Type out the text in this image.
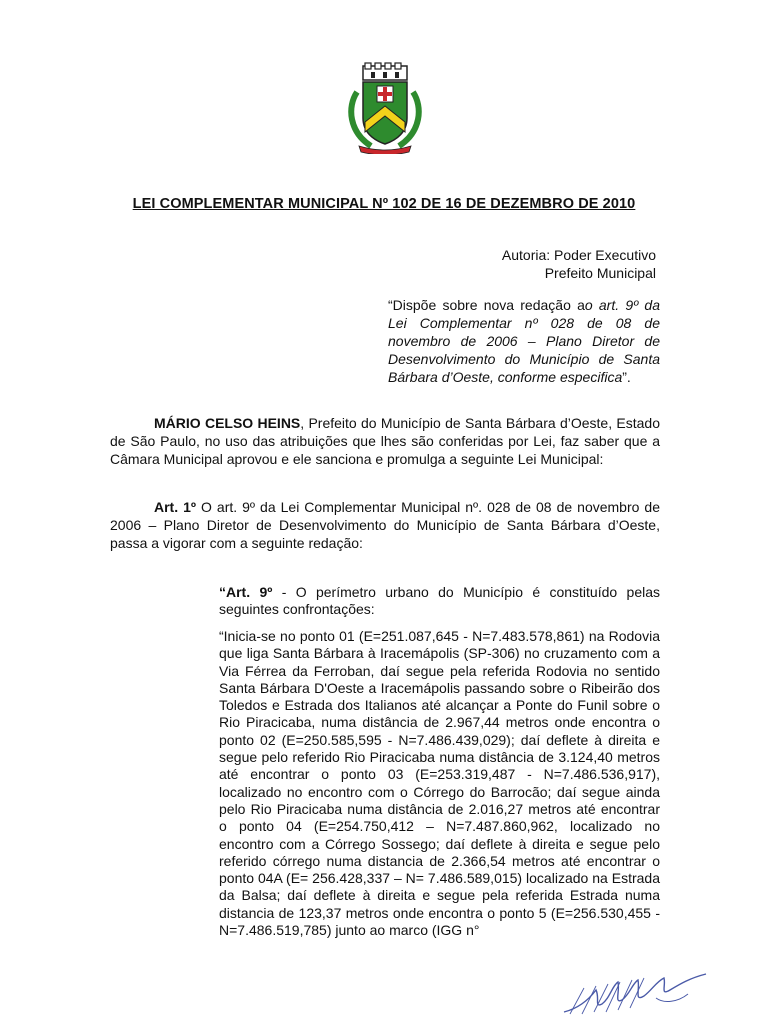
LEI COMPLEMENTAR MUNICIPAL Nº 102 DE 16 DE DEZEMBRO DE 2010
Autoria: Poder Executivo
Prefeito Municipal
“Dispõe sobre nova redação ao art. 9º da Lei Complementar nº 028 de 08 de novembro de 2006 – Plano Diretor de Desenvolvimento do Município de Santa Bárbara d’Oeste, conforme especifica”.
MÁRIO CELSO HEINS, Prefeito do Município de Santa Bárbara d’Oeste, Estado de São Paulo, no uso das atribuições que lhes são conferidas por Lei, faz saber que a Câmara Municipal aprovou e ele sanciona e promulga a seguinte Lei Municipal:
Art. 1º O art. 9º da Lei Complementar Municipal nº. 028 de 08 de novembro de 2006 – Plano Diretor de Desenvolvimento do Município de Santa Bárbara d’Oeste, passa a vigorar com a seguinte redação:
“Art. 9º - O perímetro urbano do Município é constituído pelas seguintes confrontações:
“Inicia-se no ponto 01 (E=251.087,645 - N=7.483.578,861) na Rodovia que liga Santa Bárbara à Iracemápolis (SP-306) no cruzamento com a Via Férrea da Ferroban, daí segue pela referida Rodovia no sentido Santa Bárbara D'Oeste a Iracemápolis passando sobre o Ribeirão dos Toledos e Estrada dos Italianos até alcançar a Ponte do Funil sobre o Rio Piracicaba, numa distância de 2.967,44 metros onde encontra o ponto 02 (E=250.585,595 - N=7.486.439,029); daí deflete à direita e segue pelo referido Rio Piracicaba numa distância de 3.124,40 metros até encontrar o ponto 03 (E=253.319,487 - N=7.486.536,917), localizado no encontro com o Córrego do Barrocão; daí segue ainda pelo Rio Piracicaba numa distância de 2.016,27 metros até encontrar o ponto 04 (E=254.750,412 – N=7.487.860,962, localizado no encontro com a Córrego Sossego; daí deflete à direita e segue pelo referido córrego numa distancia de 2.366,54 metros até encontrar o ponto 04A (E= 256.428,337 – N= 7.486.589,015) localizado na Estrada da Balsa; daí deflete à direita e segue pela referida Estrada numa distancia de 123,37 metros onde encontra o ponto 5 (E=256.530,455 - N=7.486.519,785) junto ao marco (IGG n°
